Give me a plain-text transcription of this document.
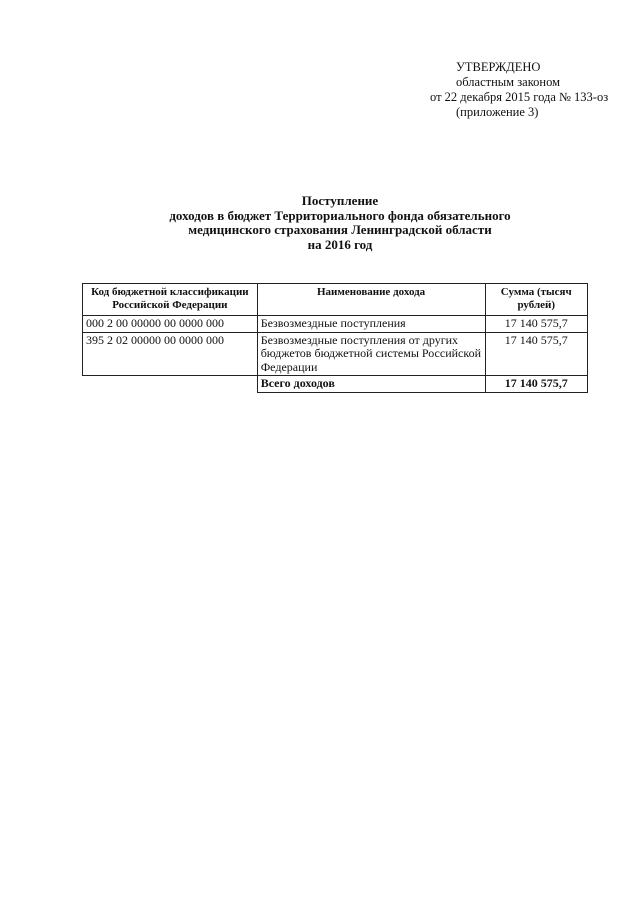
УТВЕРЖДЕНО
областным законом
от 22 декабря 2015 года № 133-оз
(приложение 3)
Поступление
доходов в бюджет Территориального фонда обязательного
медицинского страхования Ленинградской области
на 2016 год
Код бюджетной классификации Российской Федерации	Наименование дохода	Сумма (тысяч рублей)
000 2 00 00000 00 0000 000	Безвозмездные поступления	17 140 575,7
395 2 02 00000 00 0000 000	Безвозмездные поступления от других бюджетов бюджетной системы Российской Федерации	17 140 575,7
	Всего доходов	17 140 575,7
